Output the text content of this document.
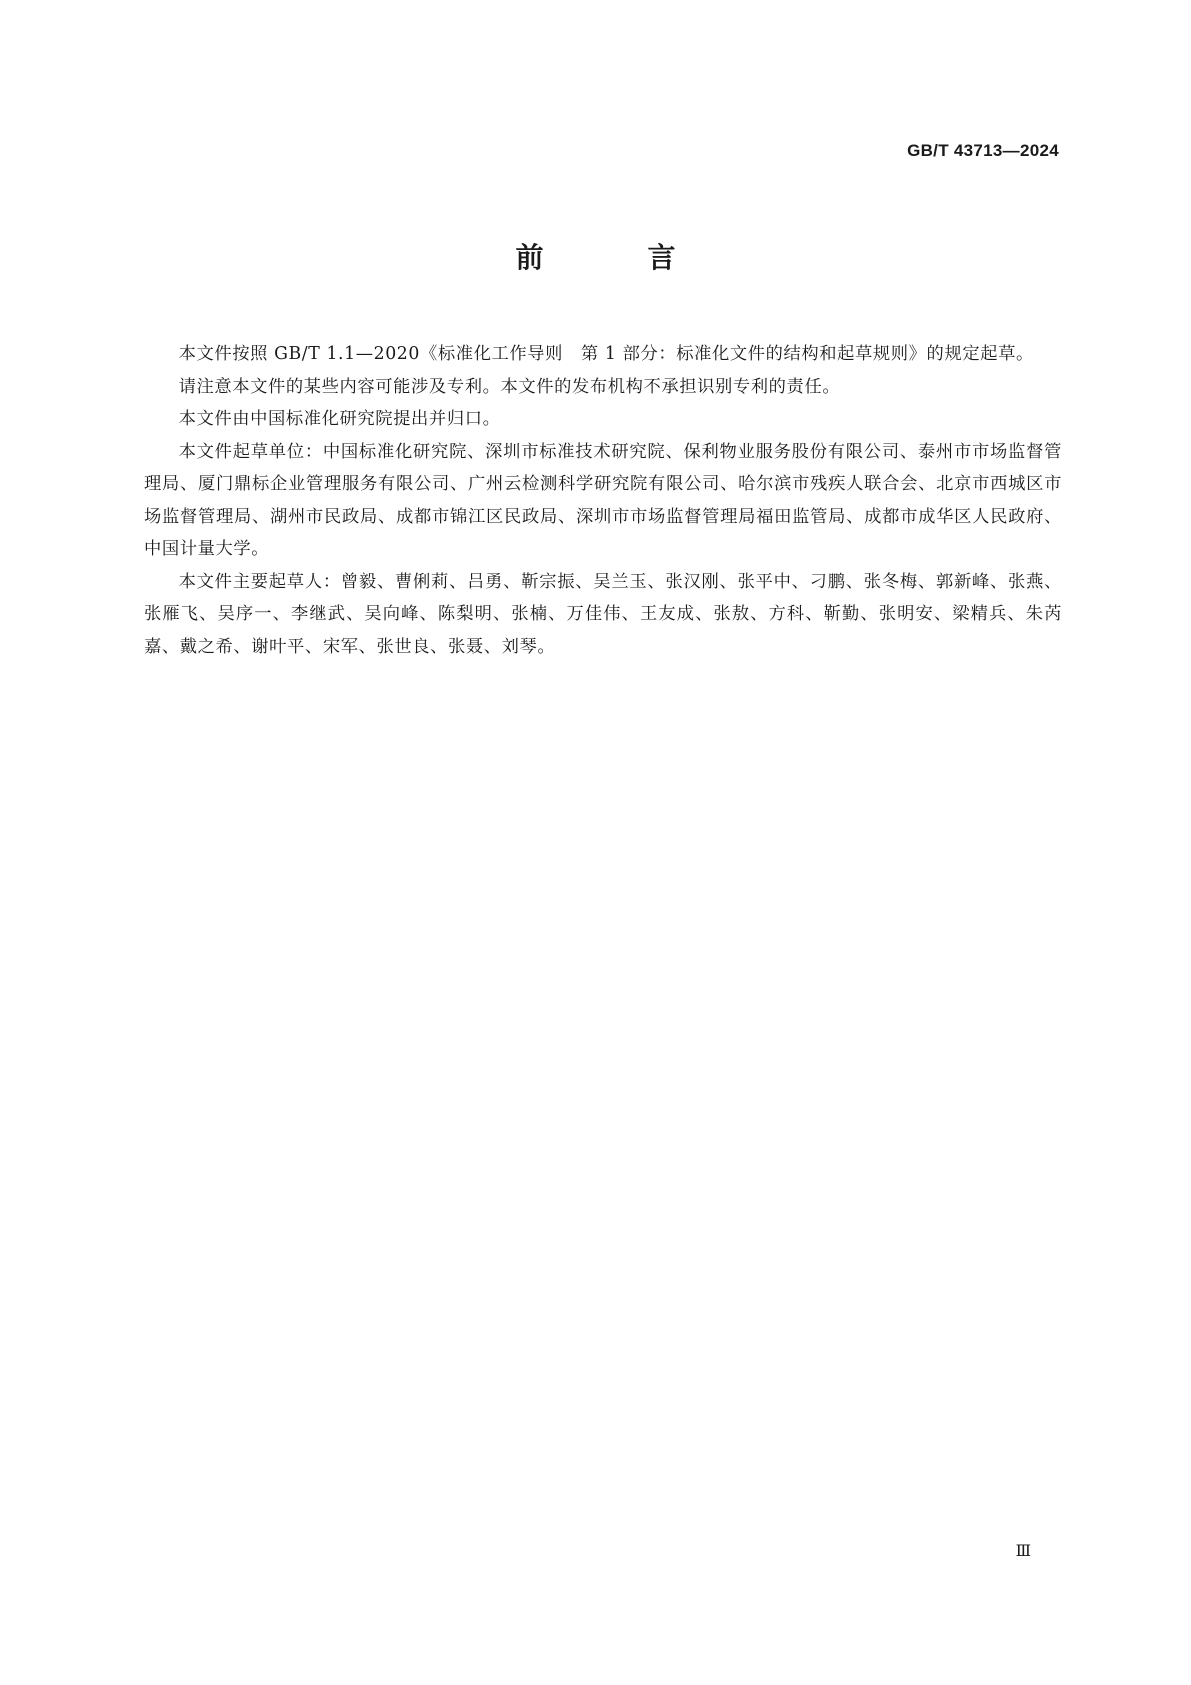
GB/T 43713—2024
前　言

本文件按照 GB/T 1.1—2020《标准化工作导则　第 1 部分：标准化文件的结构和起草规则》的规定起草。

请注意本文件的某些内容可能涉及专利。本文件的发布机构不承担识别专利的责任。

本文件由中国标准化研究院提出并归口。

本文件起草单位：中国标准化研究院、深圳市标准技术研究院、保利物业服务股份有限公司、泰州市市场监督管理局、厦门鼎标企业管理服务有限公司、广州云检测科学研究院有限公司、哈尔滨市残疾人联合会、北京市西城区市场监督管理局、湖州市民政局、成都市锦江区民政局、深圳市市场监督管理局福田监管局、成都市成华区人民政府、中国计量大学。

本文件主要起草人：曾毅、曹俐莉、吕勇、靳宗振、吴兰玉、张汉刚、张平中、刁鹏、张冬梅、郭新峰、张燕、张雁飞、吴序一、李继武、吴向峰、陈梨明、张楠、万佳伟、王友成、张敖、方科、靳勤、张明安、梁精兵、朱芮嘉、戴之希、谢叶平、宋军、张世良、张聂、刘琴。

Ⅲ
